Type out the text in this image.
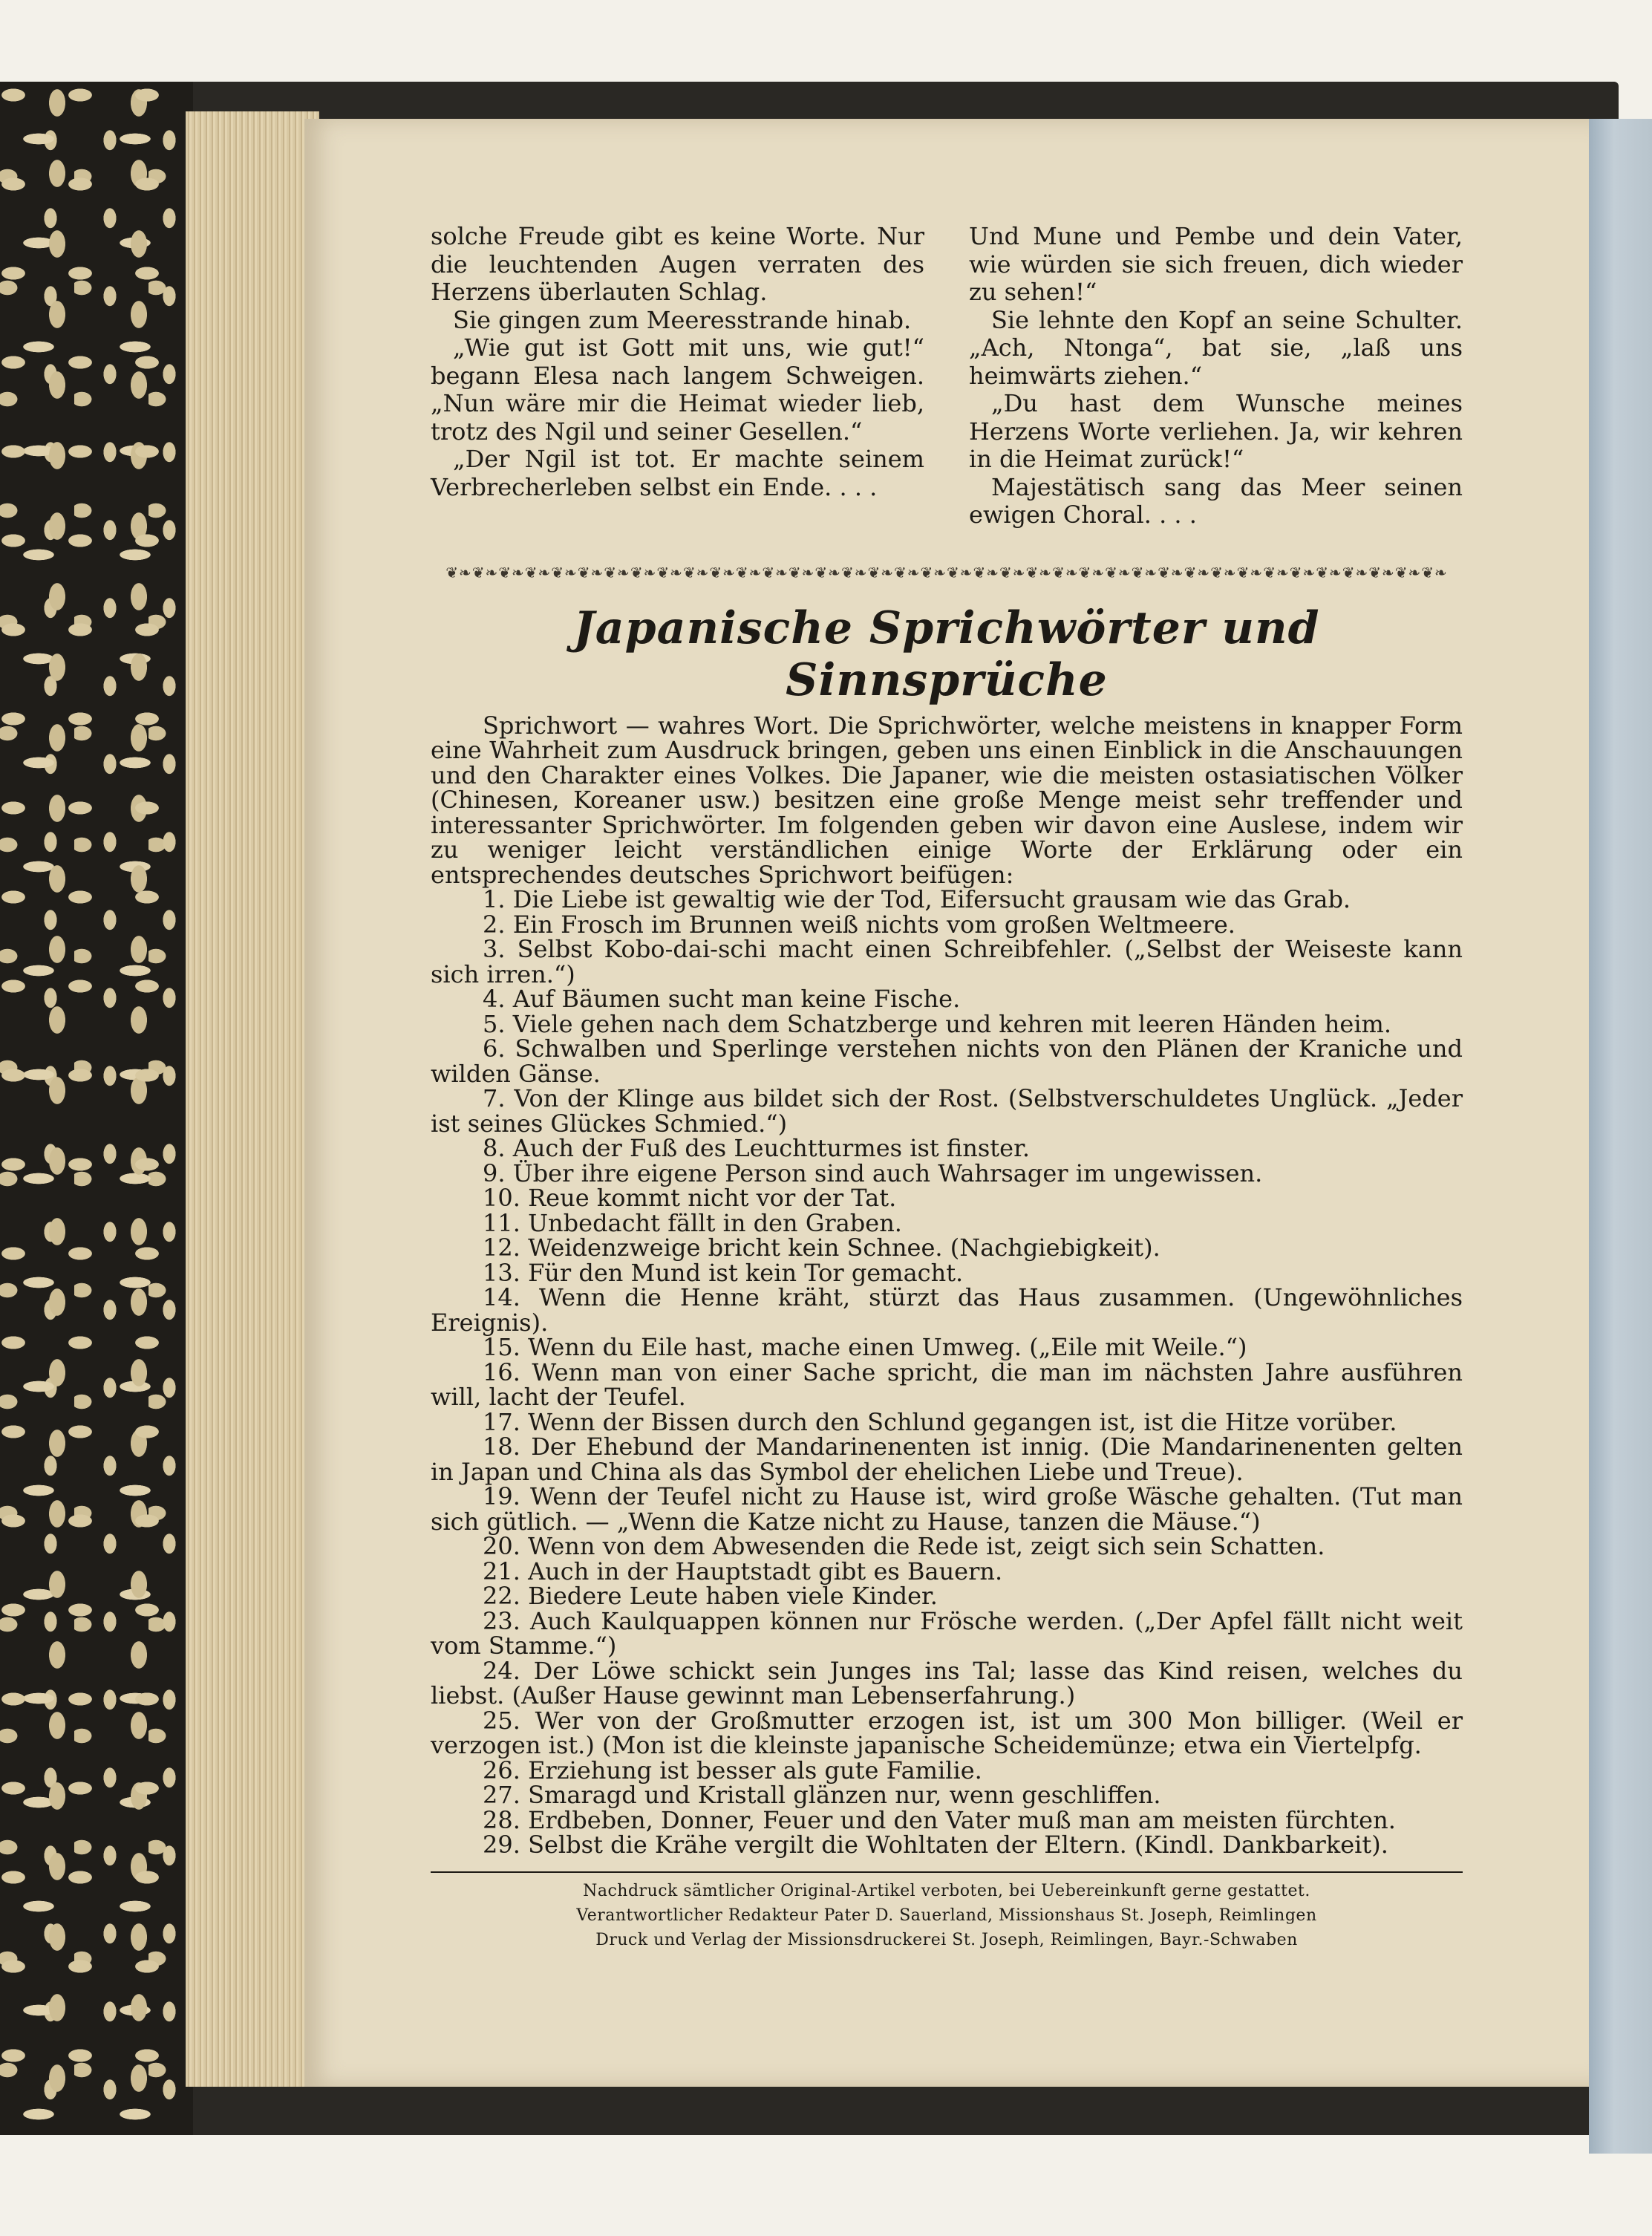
solche Freude gibt es keine Worte. Nur die leuchtenden Augen verraten des Herzens überlauten Schlag.

Sie gingen zum Meeresstrande hinab.

„Wie gut ist Gott mit uns, wie gut!“ begann Elesa nach langem Schweigen. „Nun wäre mir die Heimat wieder lieb, trotz des Ngil und seiner Gesellen.“

„Der Ngil ist tot. Er machte seinem Verbrecherleben selbst ein Ende. . . .

Und Mune und Pembe und dein Vater, wie würden sie sich freuen, dich wieder zu sehen!“

Sie lehnte den Kopf an seine Schulter. „Ach, Ntonga“, bat sie, „laß uns heimwärts ziehen.“

„Du hast dem Wunsche meines Herzens Worte verliehen. Ja, wir kehren in die Heimat zurück!“

Majestätisch sang das Meer seinen ewigen Choral. . . .

❦❧❦❧❦❧❦❧❦❧❦❧❦❧❦❧❦❧❦❧❦❧❦❧❦❧❦❧❦❧❦❧❦❧❦❧❦❧❦❧❦❧❦❧❦❧❦❧❦❧❦❧❦❧❦❧❦❧❦❧❦❧❦❧❦❧❦❧❦❧❦❧❦❧❦❧
Japanische Sprichwörter und Sinnsprüche

Sprichwort — wahres Wort. Die Sprichwörter, welche meistens in knapper Form eine Wahrheit zum Ausdruck bringen, geben uns einen Einblick in die Anschauungen und den Charakter eines Volkes. Die Japaner, wie die meisten ostasiatischen Völker (Chinesen, Koreaner usw.) besitzen eine große Menge meist sehr treffender und interessanter Sprichwörter. Im folgenden geben wir davon eine Auslese, indem wir zu weniger leicht verständlichen einige Worte der Erklärung oder ein entsprechendes deutsches Sprichwort beifügen:

1. Die Liebe ist gewaltig wie der Tod, Eifersucht grausam wie das Grab.
2. Ein Frosch im Brunnen weiß nichts vom großen Weltmeere.
3. Selbst Kobo-dai-schi macht einen Schreibfehler. („Selbst der Weiseste kann sich irren.“)
4. Auf Bäumen sucht man keine Fische.
5. Viele gehen nach dem Schatzberge und kehren mit leeren Händen heim.
6. Schwalben und Sperlinge verstehen nichts von den Plänen der Kraniche und wilden Gänse.
7. Von der Klinge aus bildet sich der Rost. (Selbstverschuldetes Unglück. „Jeder ist seines Glückes Schmied.“)
8. Auch der Fuß des Leuchtturmes ist finster.
9. Über ihre eigene Person sind auch Wahrsager im ungewissen.
10. Reue kommt nicht vor der Tat.
11. Unbedacht fällt in den Graben.
12. Weidenzweige bricht kein Schnee. (Nachgiebigkeit).
13. Für den Mund ist kein Tor gemacht.
14. Wenn die Henne kräht, stürzt das Haus zusammen. (Ungewöhnliches Ereignis).
15. Wenn du Eile hast, mache einen Umweg. („Eile mit Weile.“)
16. Wenn man von einer Sache spricht, die man im nächsten Jahre ausführen will, lacht der Teufel.
17. Wenn der Bissen durch den Schlund gegangen ist, ist die Hitze vorüber.
18. Der Ehebund der Mandarinenenten ist innig. (Die Mandarinenenten gelten in Japan und China als das Symbol der ehelichen Liebe und Treue).
19. Wenn der Teufel nicht zu Hause ist, wird große Wäsche gehalten. (Tut man sich gütlich. — „Wenn die Katze nicht zu Hause, tanzen die Mäuse.“)
20. Wenn von dem Abwesenden die Rede ist, zeigt sich sein Schatten.
21. Auch in der Hauptstadt gibt es Bauern.
22. Biedere Leute haben viele Kinder.
23. Auch Kaulquappen können nur Frösche werden. („Der Apfel fällt nicht weit vom Stamme.“)
24. Der Löwe schickt sein Junges ins Tal; lasse das Kind reisen, welches du liebst. (Außer Hause gewinnt man Lebenserfahrung.)
25. Wer von der Großmutter erzogen ist, ist um 300 Mon billiger. (Weil er verzogen ist.) (Mon ist die kleinste japanische Scheidemünze; etwa ein Viertelpfg.
26. Erziehung ist besser als gute Familie.
27. Smaragd und Kristall glänzen nur, wenn geschliffen.
28. Erdbeben, Donner, Feuer und den Vater muß man am meisten fürchten.
29. Selbst die Krähe vergilt die Wohltaten der Eltern. (Kindl. Dankbarkeit).
Nachdruck sämtlicher Original-Artikel verboten, bei Uebereinkunft gerne gestattet.
Verantwortlicher Redakteur Pater D. Sauerland, Missionshaus St. Joseph, Reimlingen
Druck und Verlag der Missionsdruckerei St. Joseph, Reimlingen, Bayr.-Schwaben
